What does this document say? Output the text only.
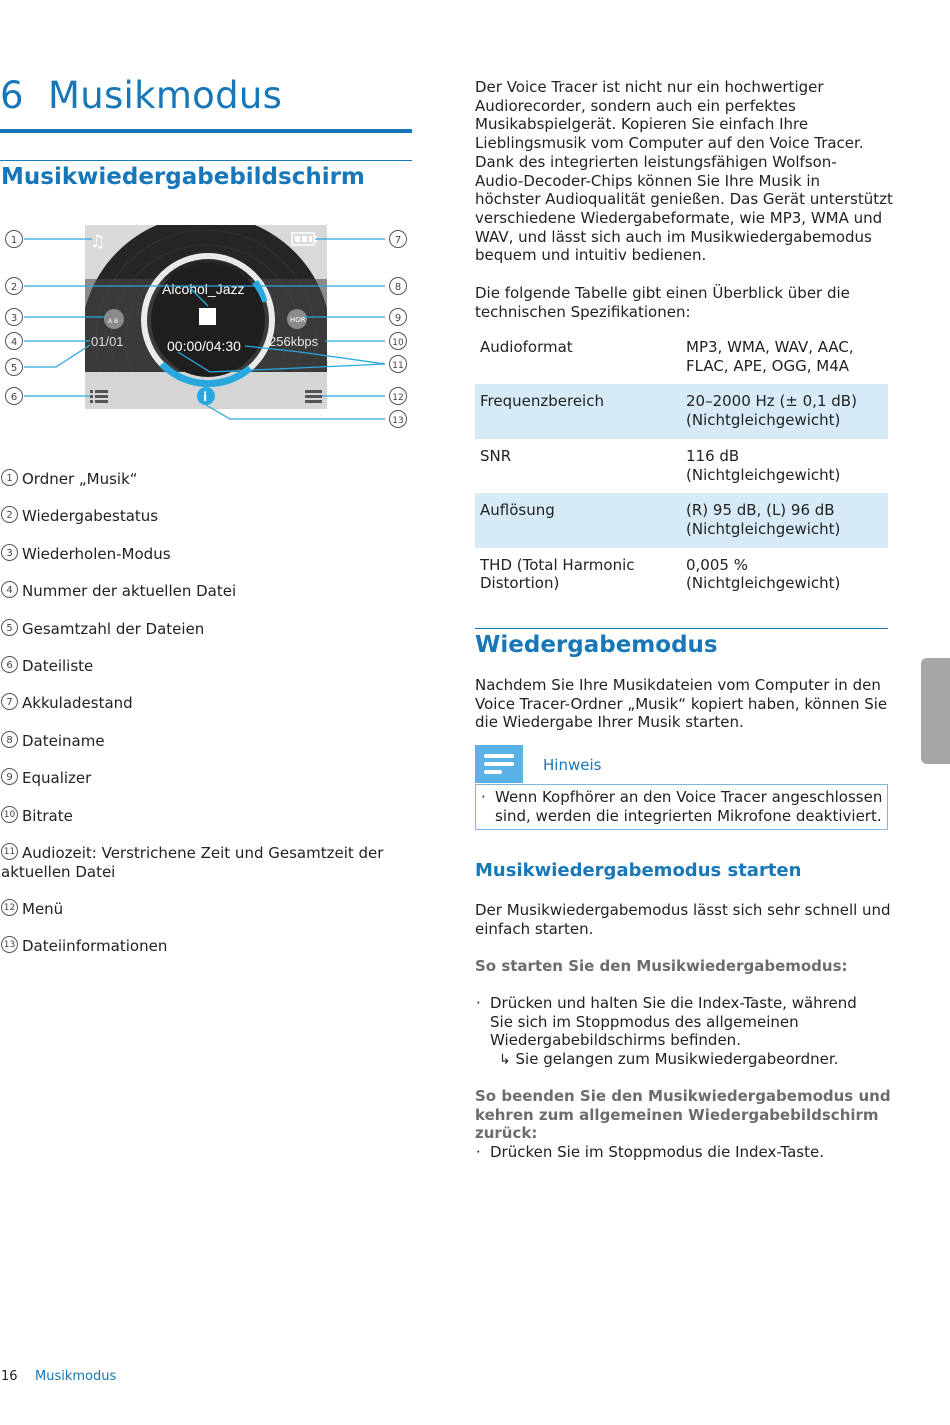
6 Musikmodus
Musikwiedergabebildschirm
Alcohol_Jazz
00:00/04:30
01/01	256kbps
A B	HOR
♫
i
1
2
3
4
5
6
7
8
9
10
11
12
13
1 Ordner „Musik“
2 Wiedergabestatus
3 Wiederholen-Modus
4 Nummer der aktuellen Datei
5 Gesamtzahl der Dateien
6 Dateiliste
7 Akkuladestand
8 Dateiname
9 Equalizer
10 Bitrate
11 Audiozeit: Verstrichene Zeit und Gesamtzeit der
aktuellen Datei
12 Menü
13 Dateiinformationen
Der Voice Tracer ist nicht nur ein hochwertiger
Audiorecorder, sondern auch ein perfektes
Musikabspielgerät. Kopieren Sie einfach Ihre
Lieblingsmusik vom Computer auf den Voice Tracer.
Dank des integrierten leistungsfähigen Wolfson-
Audio-Decoder-Chips können Sie Ihre Musik in
höchster Audioqualität genießen. Das Gerät unterstützt
verschiedene Wiedergabeformate, wie MP3, WMA und
WAV, und lässt sich auch im Musikwiedergabemodus
bequem und intuitiv bedienen.
Die folgende Tabelle gibt einen Überblick über die
technischen Spezifikationen:
Audioformat	MP3, WMA, WAV, AAC,
FLAC, APE, OGG, M4A
Frequenzbereich	20–2000 Hz (± 0,1 dB)
(Nichtgleichgewicht)
SNR	116 dB (Nichtgleichgewicht)
Auflösung	(R) 95 dB, (L) 96 dB
(Nichtgleichgewicht)
THD (Total Harmonic
Distortion)	0,005 %
(Nichtgleichgewicht)
Wiedergabemodus
Nachdem Sie Ihre Musikdateien vom Computer in den
Voice Tracer-Ordner „Musik“ kopiert haben, können Sie
die Wiedergabe Ihrer Musik starten.
Hinweis
· Wenn Kopfhörer an den Voice Tracer angeschlossen
sind, werden die integrierten Mikrofone deaktiviert.
Musikwiedergabemodus starten
Der Musikwiedergabemodus lässt sich sehr schnell und
einfach starten.
So starten Sie den Musikwiedergabemodus:
· Drücken und halten Sie die Index-Taste, während
Sie sich im Stoppmodus des allgemeinen
Wiedergabebildschirms befinden.
↳ Sie gelangen zum Musikwiedergabeordner.
So beenden Sie den Musikwiedergabemodus und
kehren zum allgemeinen Wiedergabebildschirm zurück:
· Drücken Sie im Stoppmodus die Index-Taste.
16 Musikmodus
